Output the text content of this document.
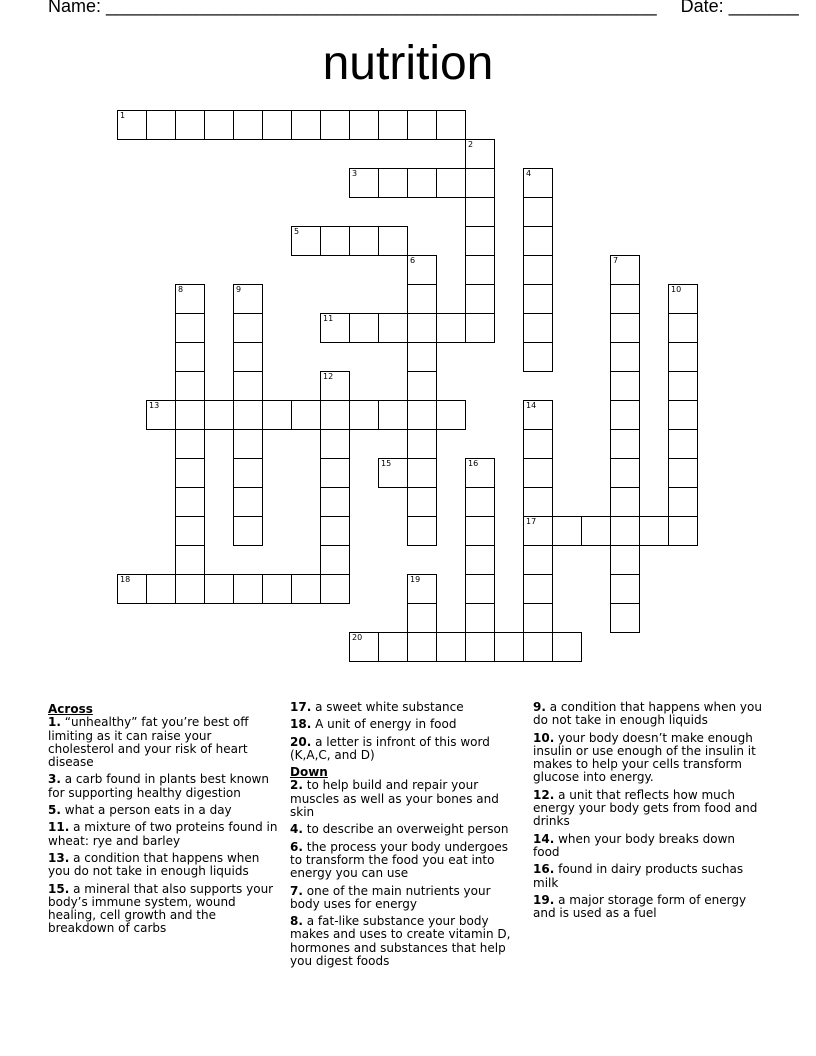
Name: _______________________________________________________ Date: _______
nutrition
1
2
3	4
5
6	7
8	9	10
11
12
13	14
17
15	16
18	19
20
Across
1. “unhealthy” fat you’re best off limiting as it can raise your cholesterol and your risk of heart disease
3. a carb found in plants best known for supporting healthy digestion
5. what a person eats in a day
11. a mixture of two proteins found in wheat: rye and barley
13. a condition that happens when you do not take in enough liquids
15. a mineral that also supports your body’s immune system, wound healing, cell growth and the breakdown of carbs
17. a sweet white substance
18. A unit of energy in food
20. a letter is infront of this word (K,A,C, and D)
Down
2. to help build and repair your muscles as well as your bones and skin
4. to describe an overweight person
6. the process your body undergoes to transform the food you eat into energy you can use
7. one of the main nutrients your body uses for energy
8. a fat-like substance your body makes and uses to create vitamin D, hormones and substances that help you digest foods
9. a condition that happens when you do not take in enough liquids
10. your body doesn’t make enough insulin or use enough of the insulin it makes to help your cells transform glucose into energy.
12. a unit that reflects how much energy your body gets from food and drinks
14. when your body breaks down food
16. found in dairy products suchas milk
19. a major storage form of energy and is used as a fuel
